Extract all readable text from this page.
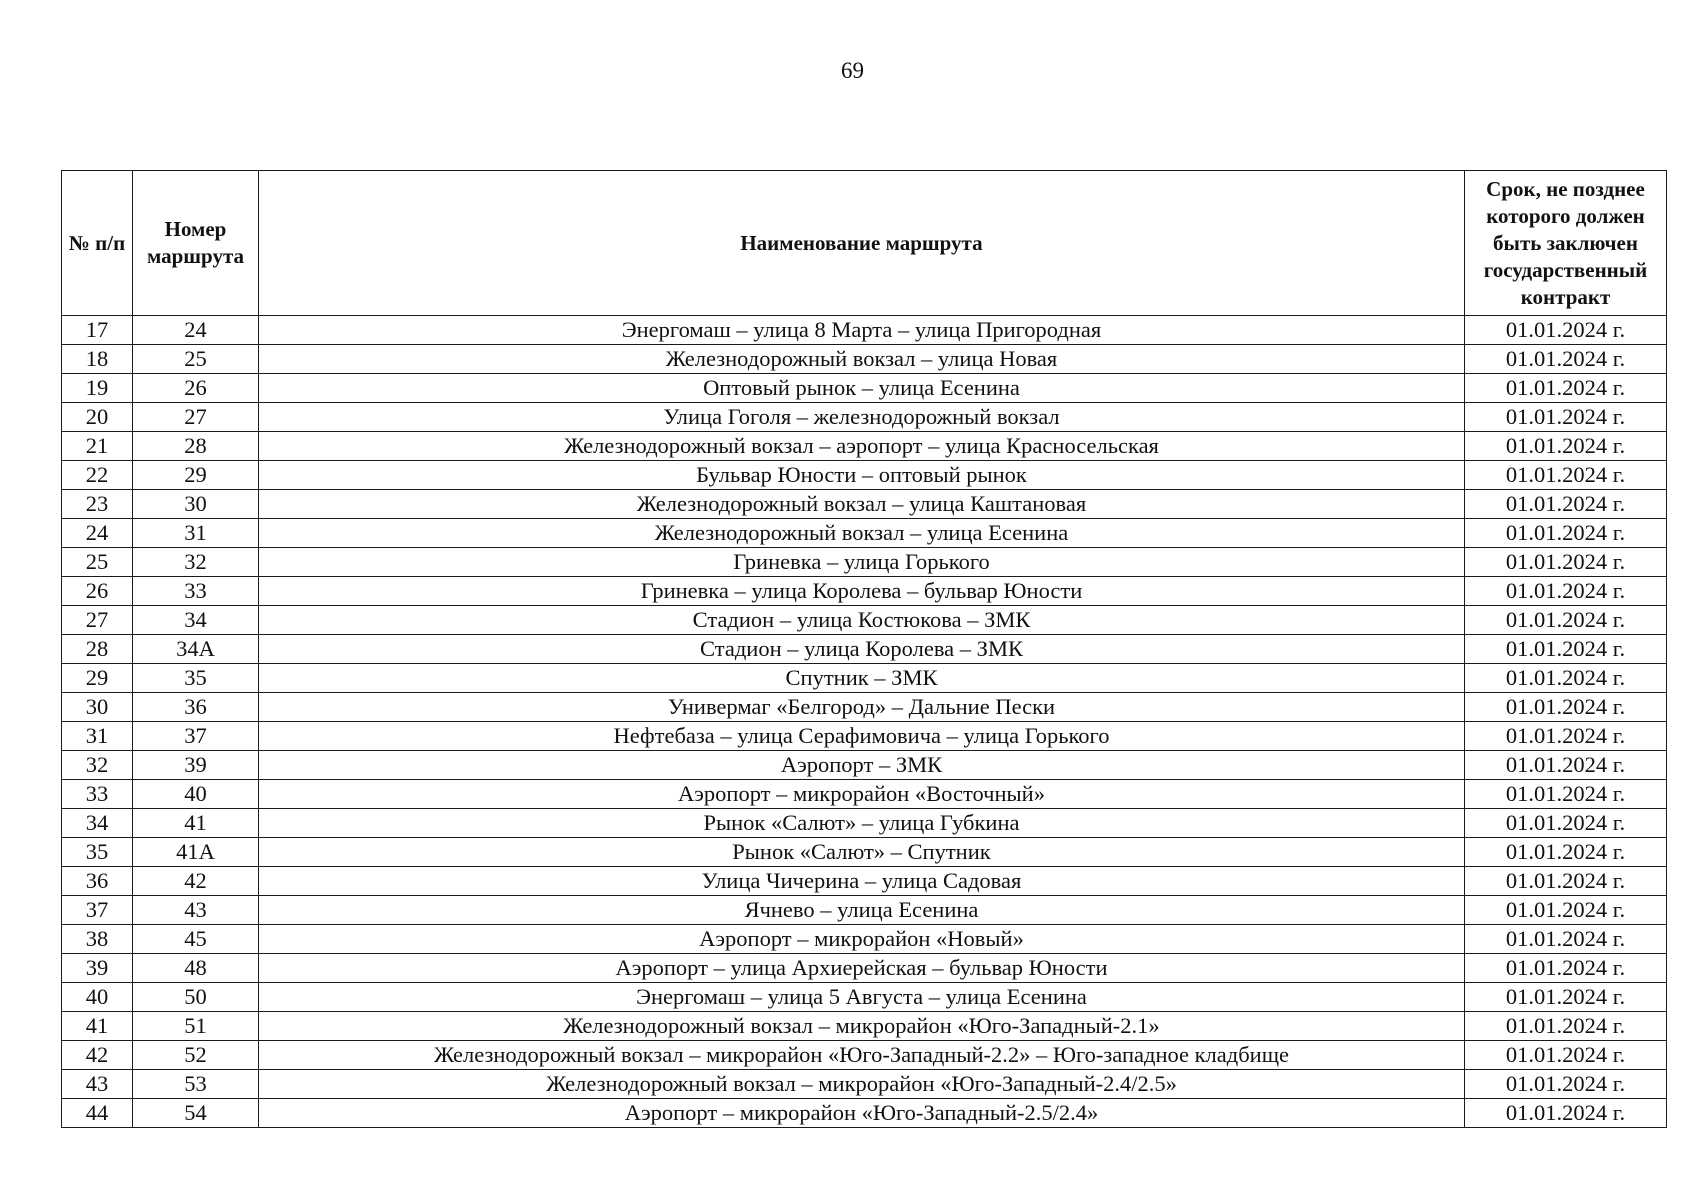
69
№ п/п	Номер маршрута	Наименование маршрута	Срок, не позднее которого должен быть заключен государственный контракт
17	24	Энергомаш – улица 8 Марта – улица Пригородная	01.01.2024 г.
18	25	Железнодорожный вокзал – улица Новая	01.01.2024 г.
19	26	Оптовый рынок – улица Есенина	01.01.2024 г.
20	27	Улица Гоголя – железнодорожный вокзал	01.01.2024 г.
21	28	Железнодорожный вокзал – аэропорт – улица Красносельская	01.01.2024 г.
22	29	Бульвар Юности – оптовый рынок	01.01.2024 г.
23	30	Железнодорожный вокзал – улица Каштановая	01.01.2024 г.
24	31	Железнодорожный вокзал – улица Есенина	01.01.2024 г.
25	32	Гриневка – улица Горького	01.01.2024 г.
26	33	Гриневка – улица Королева – бульвар Юности	01.01.2024 г.
27	34	Стадион – улица Костюкова – ЗМК	01.01.2024 г.
28	34А	Стадион – улица Королева – ЗМК	01.01.2024 г.
29	35	Спутник – ЗМК	01.01.2024 г.
30	36	Универмаг «Белгород» – Дальние Пески	01.01.2024 г.
31	37	Нефтебаза – улица Серафимовича – улица Горького	01.01.2024 г.
32	39	Аэропорт – ЗМК	01.01.2024 г.
33	40	Аэропорт – микрорайон «Восточный»	01.01.2024 г.
34	41	Рынок «Салют» – улица Губкина	01.01.2024 г.
35	41А	Рынок «Салют» – Спутник	01.01.2024 г.
36	42	Улица Чичерина – улица Садовая	01.01.2024 г.
37	43	Ячнево – улица Есенина	01.01.2024 г.
38	45	Аэропорт – микрорайон «Новый»	01.01.2024 г.
39	48	Аэропорт – улица Архиерейская – бульвар Юности	01.01.2024 г.
40	50	Энергомаш – улица 5 Августа – улица Есенина	01.01.2024 г.
41	51	Железнодорожный вокзал – микрорайон «Юго-Западный-2.1»	01.01.2024 г.
42	52	Железнодорожный вокзал – микрорайон «Юго-Западный-2.2» – Юго-западное кладбище	01.01.2024 г.
43	53	Железнодорожный вокзал – микрорайон «Юго-Западный-2.4/2.5»	01.01.2024 г.
44	54	Аэропорт – микрорайон «Юго-Западный-2.5/2.4»	01.01.2024 г.
